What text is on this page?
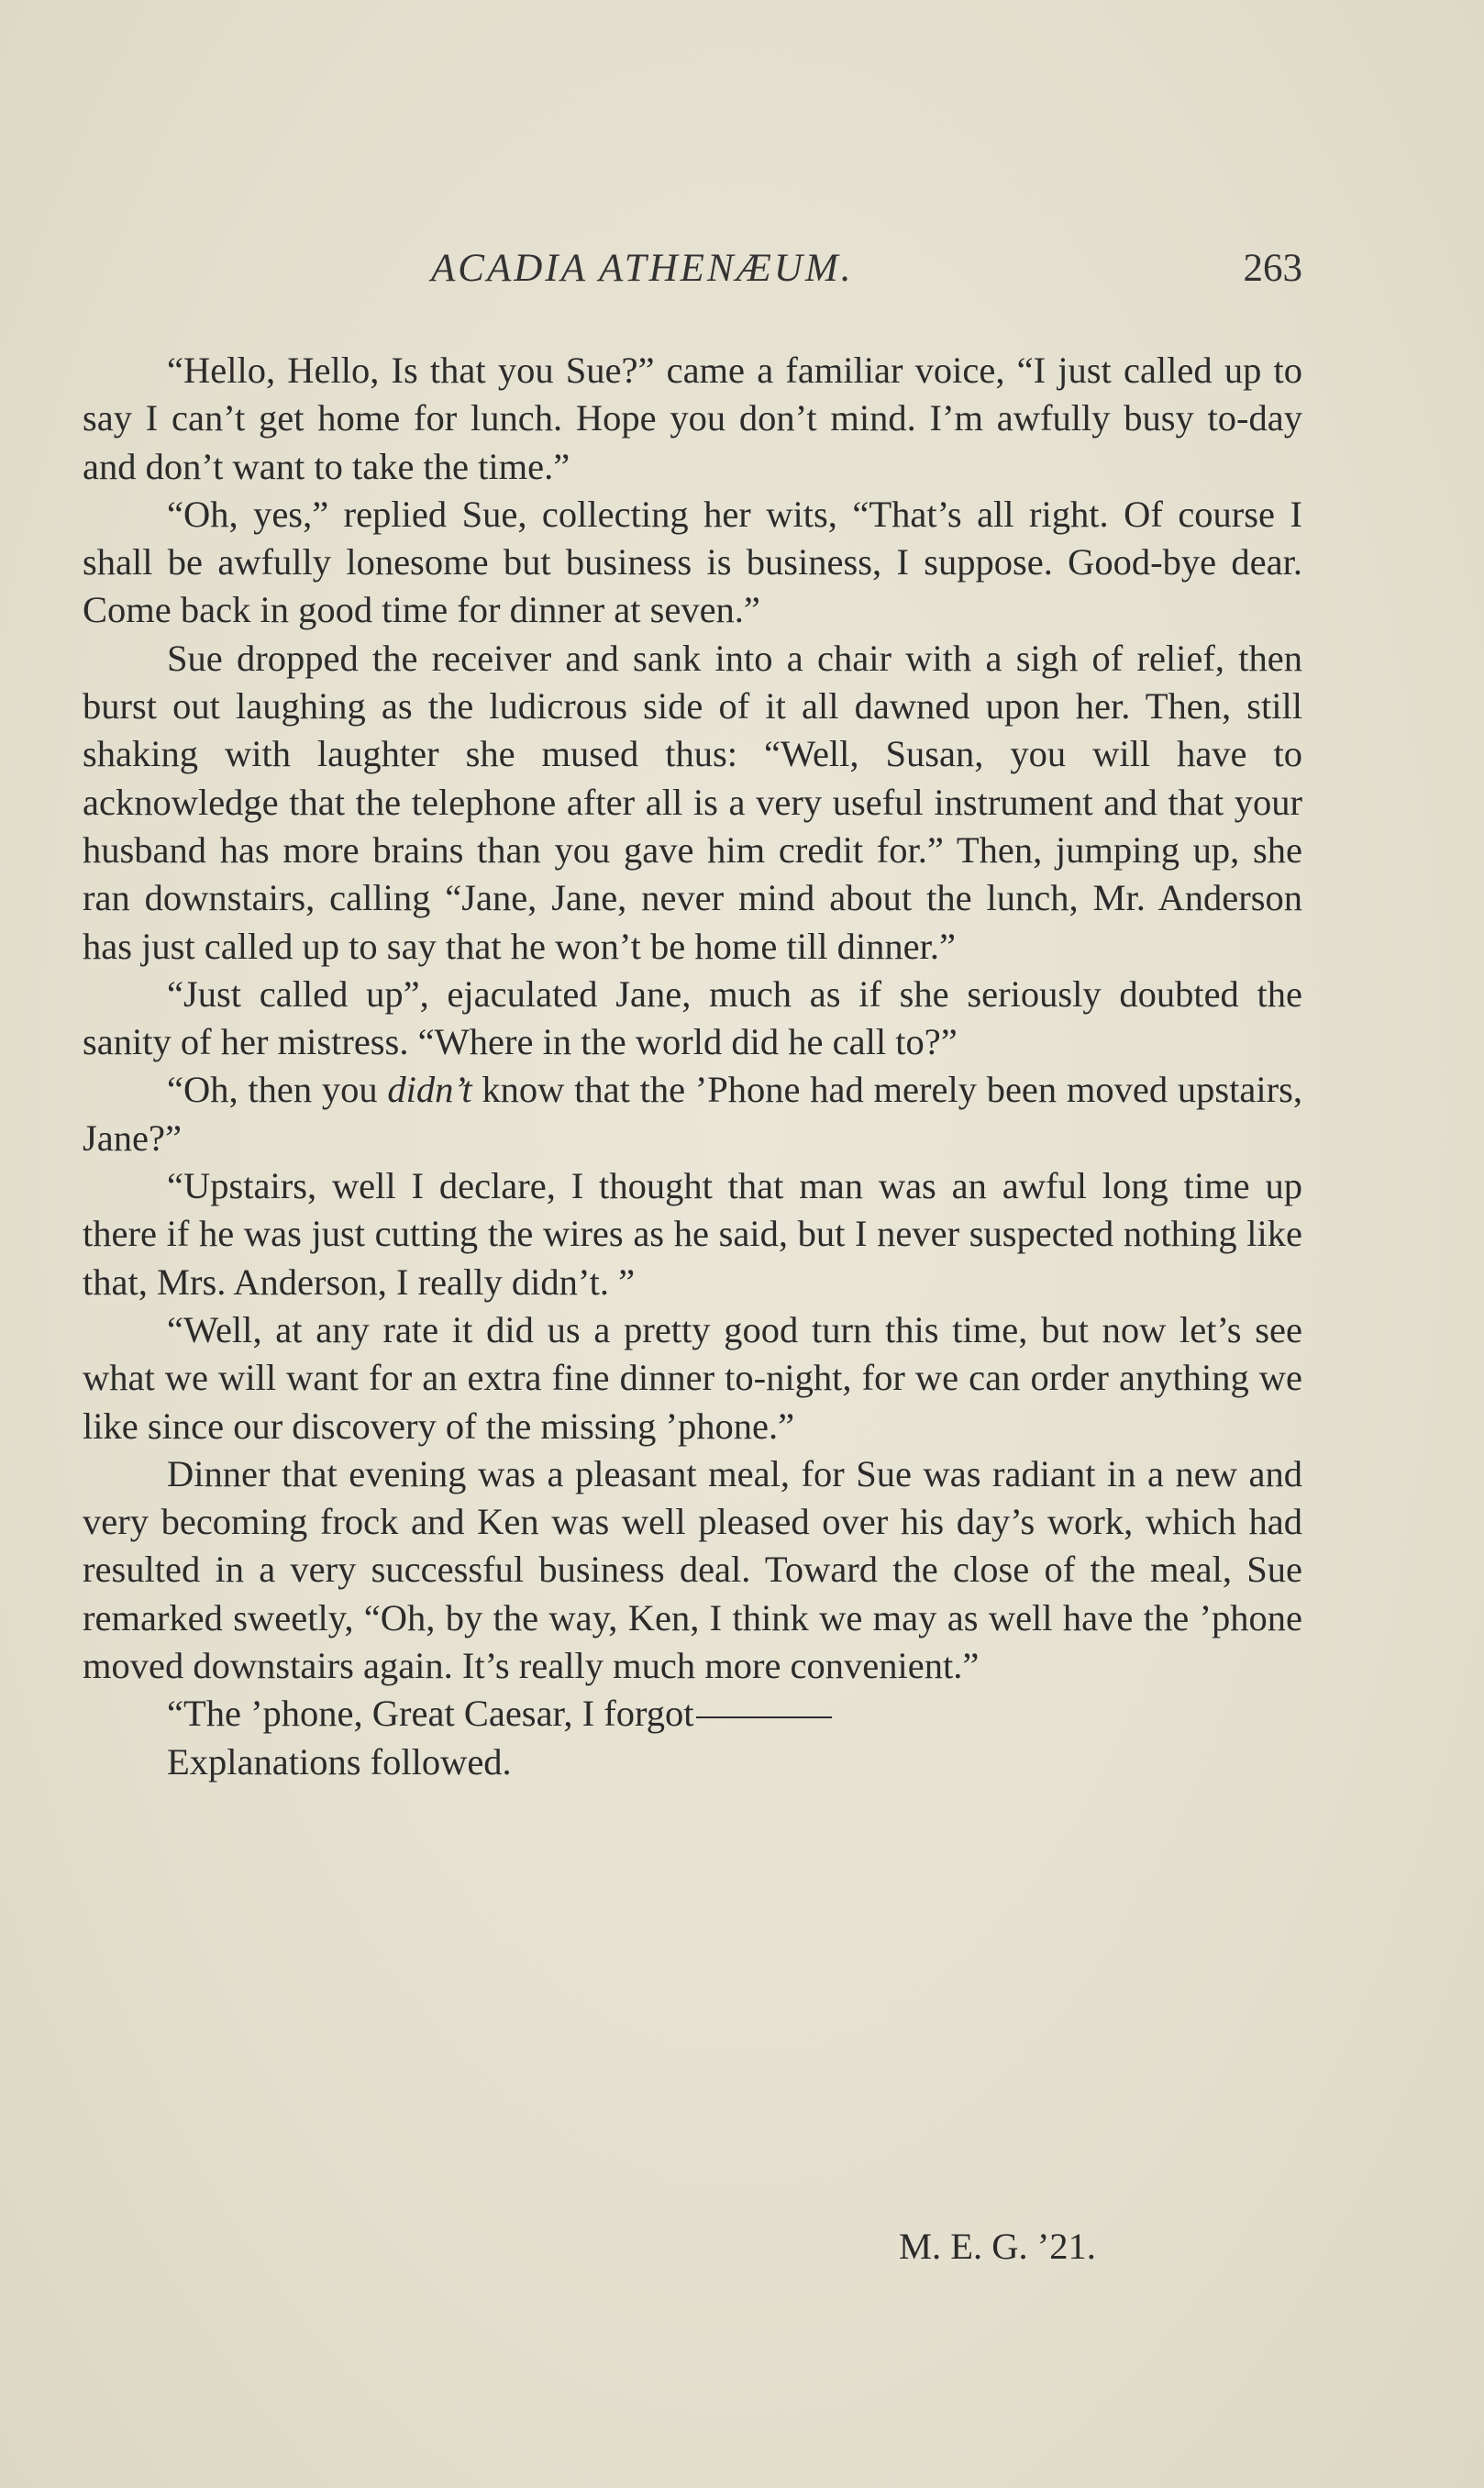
ACADIA ATHENÆUM.	263

“Hello, Hello, Is that you Sue?” came a familiar voice, “I just called up to say I can’t get home for lunch. Hope you don’t mind. I’m awfully busy to-day and don’t want to take the time.”

“Oh, yes,” replied Sue, collecting her wits, “That’s all right. Of course I shall be awfully lonesome but business is business, I suppose. Good-bye dear. Come back in good time for dinner at seven.”

Sue dropped the receiver and sank into a chair with a sigh of relief, then burst out laughing as the ludicrous side of it all dawned upon her. Then, still shaking with laughter she mused thus: “Well, Susan, you will have to acknowledge that the telephone after all is a very useful instrument and that your husband has more brains than you gave him credit for.” Then, jumping up, she ran downstairs, calling “Jane, Jane, never mind about the lunch, Mr. Anderson has just called up to say that he won’t be home till dinner.”

“Just called up”, ejaculated Jane, much as if she seriously doubted the sanity of her mistress. “Where in the world did he call to?”

“Oh, then you didn’t know that the ’Phone had merely been moved upstairs, Jane?”

“Upstairs, well I declare, I thought that man was an awful long time up there if he was just cutting the wires as he said, but I never suspected nothing like that, Mrs. Anderson, I really didn’t. ”

“Well, at any rate it did us a pretty good turn this time, but now let’s see what we will want for an extra fine dinner to-night, for we can order anything we like since our discovery of the missing ’phone.”

Dinner that evening was a pleasant meal, for Sue was radiant in a new and very becoming frock and Ken was well pleased over his day’s work, which had resulted in a very successful business deal. Toward the close of the meal, Sue remarked sweetly, “Oh, by the way, Ken, I think we may as well have the ’phone moved downstairs again. It’s really much more convenient.”

“The ’phone, Great Caesar, I forgot

Explanations followed.

M. E. G. ’21.
